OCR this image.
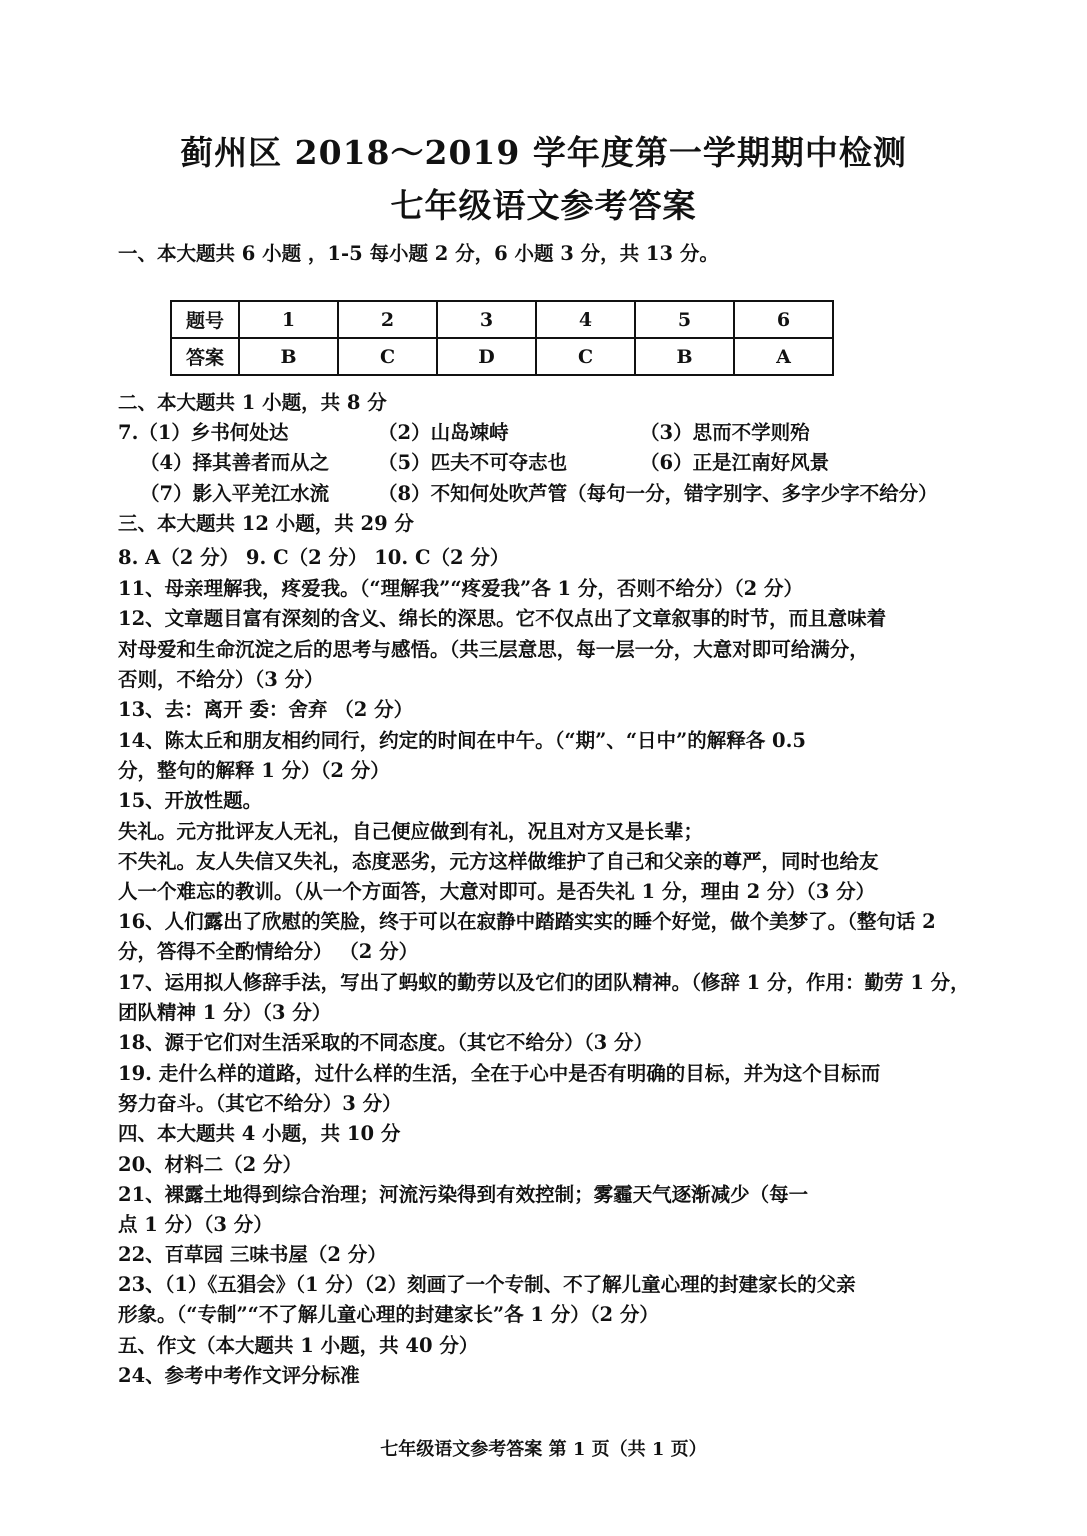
蓟州区 2018～2019 学年度第一学期期中检测
七年级语文参考答案
一、本大题共 6 小题 ，1-5 每小题 2 分，6 小题 3 分，共 13 分。
题号	1	2	3	4	5	6
答案	B	C	D	C	B	A
二、本大题共 1 小题，共 8 分
7.（1）乡书何处达	（2）山岛竦峙	（3）思而不学则殆
（4）择其善者而从之	（5）匹夫不可夺志也	（6）正是江南好风景
（7）影入平羌江水流	（8）不知何处吹芦管（每句一分，错字别字、多字少字不给分）
三、本大题共 12 小题，共 29 分
8. A（2 分） 9. C（2 分） 10. C（2 分）
11、母亲理解我，疼爱我。（“理解我”“疼爱我”各 1 分，否则不给分）（2 分）
12、文章题目富有深刻的含义、绵长的深思。它不仅点出了文章叙事的时节，而且意味着
对母爱和生命沉淀之后的思考与感悟。（共三层意思，每一层一分，大意对即可给满分，
否则，不给分）（3 分）
13、去：离开 委：舍弃 （2 分）
14、陈太丘和朋友相约同行，约定的时间在中午。（“期”、“日中”的解释各 0.5
分，整句的解释 1 分）（2 分）
15、开放性题。
失礼。元方批评友人无礼，自己便应做到有礼，况且对方又是长辈；
不失礼。友人失信又失礼，态度恶劣，元方这样做维护了自己和父亲的尊严，同时也给友
人一个难忘的教训。（从一个方面答，大意对即可。是否失礼 1 分，理由 2 分）（3 分）
16、人们露出了欣慰的笑脸，终于可以在寂静中踏踏实实的睡个好觉，做个美梦了。（整句话 2
分，答得不全酌情给分） （2 分）
17、运用拟人修辞手法，写出了蚂蚁的勤劳以及它们的团队精神。（修辞 1 分，作用：勤劳 1 分，
团队精神 1 分）（3 分）
18、源于它们对生活采取的不同态度。（其它不给分）（3 分）
19. 走什么样的道路，过什么样的生活，全在于心中是否有明确的目标，并为这个目标而
努力奋斗。（其它不给分）3 分）
四、本大题共 4 小题，共 10 分
20、材料二（2 分）
21、裸露土地得到综合治理；河流污染得到有效控制；雾霾天气逐渐减少（每一
点 1 分）（3 分）
22、百草园 三味书屋（2 分）
23、（1）《五猖会》（1 分）（2）刻画了一个专制、不了解儿童心理的封建家长的父亲
形象。（“专制”“不了解儿童心理的封建家长”各 1 分）（2 分）
五、作文（本大题共 1 小题，共 40 分）
24、参考中考作文评分标准
七年级语文参考答案 第 1 页（共 1 页）
